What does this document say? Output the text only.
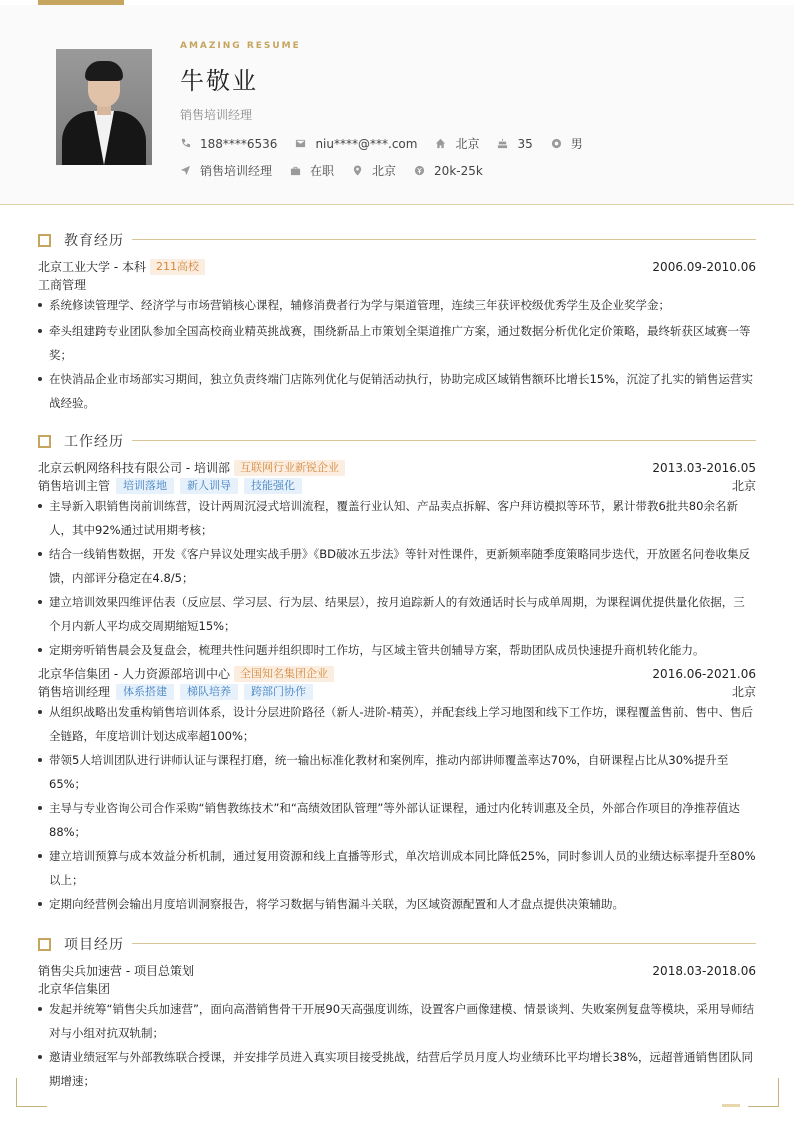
AMAZING RESUME
牛敬业
销售培训经理
188****6536	niu****@***.com	北京	35	男
销售培训经理	在职	北京	20k-25k
教育经历
北京工业大学 - 本科 211高校	2006.09-2010.06
工商管理
系统修读管理学、经济学与市场营销核心课程，辅修消费者行为学与渠道管理，连续三年获评校级优秀学生及企业奖学金；
牵头组建跨专业团队参加全国高校商业精英挑战赛，围绕新品上市策划全渠道推广方案，通过数据分析优化定价策略，最终斩获区域赛一等奖；
在快消品企业市场部实习期间，独立负责终端门店陈列优化与促销活动执行，协助完成区域销售额环比增长15%，沉淀了扎实的销售运营实战经验。
工作经历
北京云帆网络科技有限公司 - 培训部 互联网行业新锐企业	2013.03-2016.05
销售培训主管 培训落地 新人训导 技能强化	北京
主导新入职销售岗前训练营，设计两周沉浸式培训流程，覆盖行业认知、产品卖点拆解、客户拜访模拟等环节，累计带教6批共80余名新人，其中92%通过试用期考核；
结合一线销售数据，开发《客户异议处理实战手册》《BD破冰五步法》等针对性课件，更新频率随季度策略同步迭代，开放匿名问卷收集反馈，内部评分稳定在4.8/5；
建立培训效果四维评估表（反应层、学习层、行为层、结果层），按月追踪新人的有效通话时长与成单周期，为课程调优提供量化依据，三个月内新人平均成交周期缩短15%；
定期旁听销售晨会及复盘会，梳理共性问题并组织即时工作坊，与区域主管共创辅导方案，帮助团队成员快速提升商机转化能力。
北京华信集团 - 人力资源部培训中心 全国知名集团企业	2016.06-2021.06
销售培训经理 体系搭建 梯队培养 跨部门协作	北京
从组织战略出发重构销售培训体系，设计分层进阶路径（新人-进阶-精英），并配套线上学习地图和线下工作坊，课程覆盖售前、售中、售后全链路，年度培训计划达成率超100%；
带领5人培训团队进行讲师认证与课程打磨，统一输出标准化教材和案例库，推动内部讲师覆盖率达70%，自研课程占比从30%提升至65%；
主导与专业咨询公司合作采购“销售教练技术”和“高绩效团队管理”等外部认证课程，通过内化转训惠及全员，外部合作项目的净推荐值达88%；
建立培训预算与成本效益分析机制，通过复用资源和线上直播等形式，单次培训成本同比降低25%，同时参训人员的业绩达标率提升至80%以上；
定期向经营例会输出月度培训洞察报告，将学习数据与销售漏斗关联，为区域资源配置和人才盘点提供决策辅助。
项目经历
销售尖兵加速营 - 项目总策划	2018.03-2018.06
北京华信集团
发起并统筹“销售尖兵加速营”，面向高潜销售骨干开展90天高强度训练，设置客户画像建模、情景谈判、失败案例复盘等模块，采用导师结对与小组对抗双轨制；
邀请业绩冠军与外部教练联合授课，并安排学员进入真实项目接受挑战，结营后学员月度人均业绩环比平均增长38%，远超普通销售团队同期增速；
